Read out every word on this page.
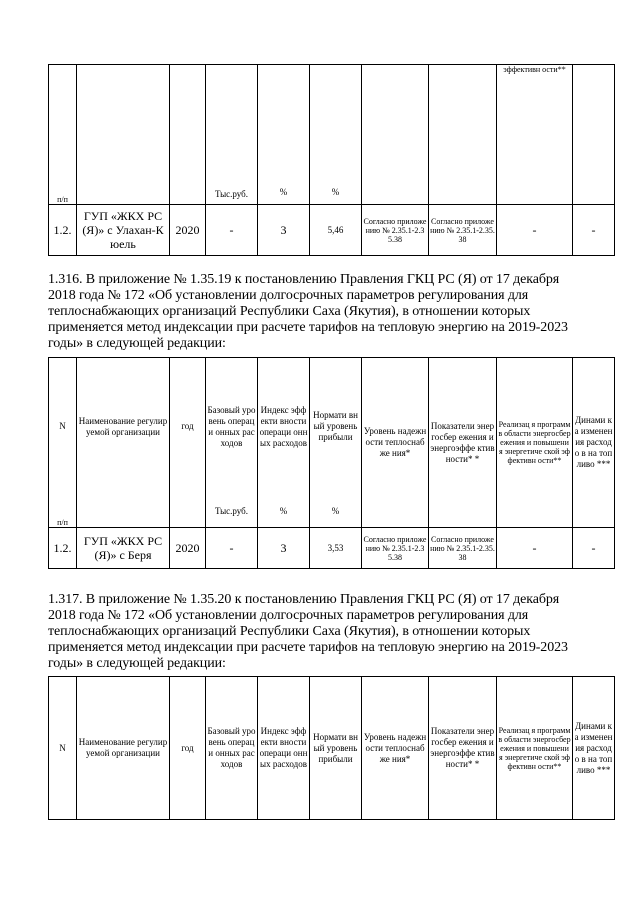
п/п			Тыс.руб.	%	%			эффективн ости**	
1.2.	ГУП «ЖКХ РС (Я)» с Улахан-Кюель	2020	-	3	5,46	Согласно приложению № 2.35.1-2.35.38	Согласно приложению № 2.35.1-2.35.38	-	-
1.316. В приложение № 1.35.19 к постановлению Правления ГКЦ РС (Я) от 17 декабря
2018 года № 172 «Об установлении долгосрочных параметров регулирования для
теплоснабжающих организаций Республики Саха (Якутия), в отношении которых
применяется метод индексации при расчете тарифов на тепловую энергию на 2019-2023
годы» в следующей редакции:
N	Наименование регулируемой организации	год	Базовый уровень операци онных расходов	Индекс эффекти вности операци онных расходов	Нормати вный уровень прибыли	Уровень надежности теплоснабже ния*	Показатели энергосбер ежения и энергоэффе ктивности* *	Реализац я программ в области энергосбер ежения и повышени я энергетиче ской эффективн ости**	Динами ка изменен ия расходо в на топливо ***
п/п			Тыс.руб.	%	%				
1.2.	ГУП «ЖКХ РС (Я)» с Беря	2020	-	3	3,53	Согласно приложению № 2.35.1-2.35.38	Согласно приложению № 2.35.1-2.35.38	-	-
1.317. В приложение № 1.35.20 к постановлению Правления ГКЦ РС (Я) от 17 декабря
2018 года № 172 «Об установлении долгосрочных параметров регулирования для
теплоснабжающих организаций Республики Саха (Якутия), в отношении которых
применяется метод индексации при расчете тарифов на тепловую энергию на 2019-2023
годы» в следующей редакции:
N	Наименование регулируемой организации	год	Базовый уровень операци онных расходов	Индекс эффекти вности операци онных расходов	Нормати вный уровень прибыли	Уровень надежности теплоснабже ния*	Показатели энергосбер ежения и энергоэффе ктивности* *	Реализац я программ в области энергосбер ежения и повышени я энергетиче ской эффективн ости**	Динами ка изменен ия расходо в на топливо ***
